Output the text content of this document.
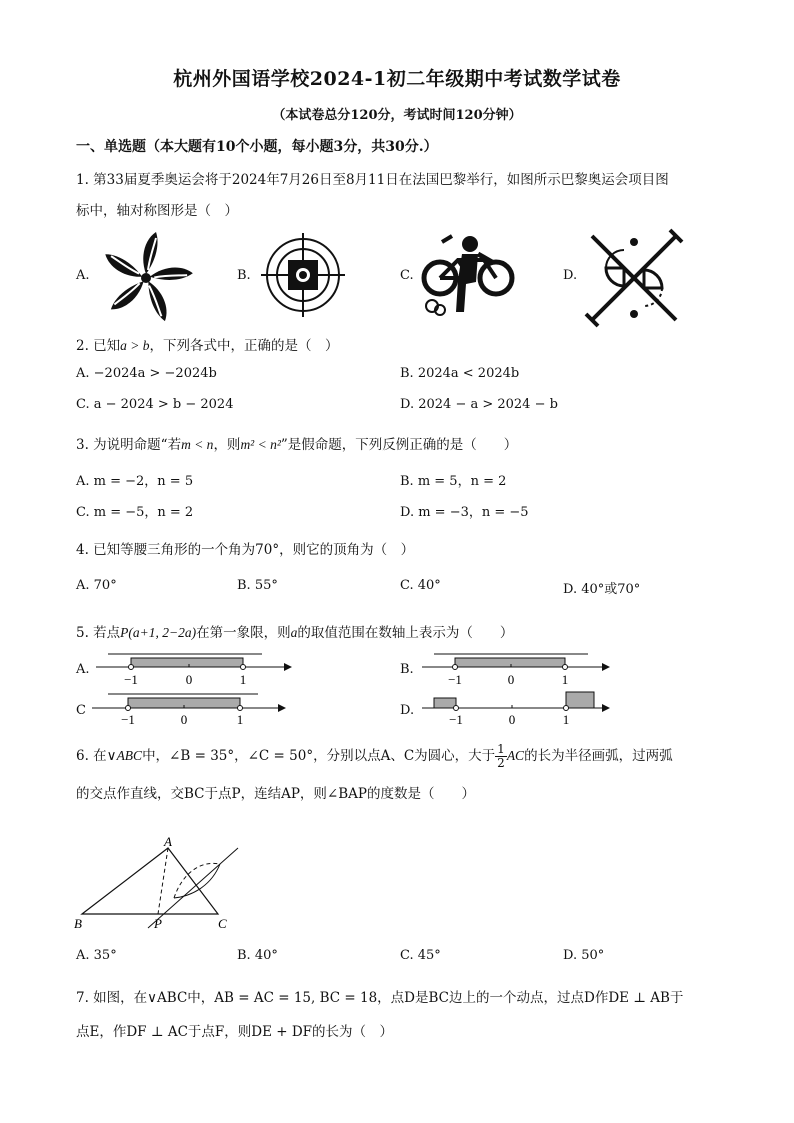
杭州外国语学校2024-1初二年级期中考试数学试卷
（本试卷总分120分，考试时间120分钟）
一、单选题（本大题有10个小题，每小题3分，共30分.）
1. 第33届夏季奥运会将于2024年7月26日至8月11日在法国巴黎举行，如图所示巴黎奥运会项目图
标中，轴对称图形是（　）
A.	B.	C.	D.
2. 已知a > b，下列各式中，正确的是（　）
A. −2024a > −2024b	B. 2024a < 2024b
C. a − 2024 > b − 2024	D. 2024 − a > 2024 − b
3. 为说明命题“若m < n，则m² < n²”是假命题，下列反例正确的是（　　）
A. m = −2，n = 5	B. m = 5，n = 2
C. m = −5，n = 2	D. m = −3，n = −5
4. 已知等腰三角形的一个角为70°，则它的顶角为（　）
A. 70°	B. 55°	C. 40°	D. 40°或70°
5. 若点P(a+1, 2−2a)在第一象限，则a的取值范围在数轴上表示为（　　）
A.
−1	0	1
B.
−1	0	1
C
−1	0	1
D.
−1	0	1
6. 在∨ABC中，∠B = 35°，∠C = 50°，分别以点A、C为圆心，大于 $\frac{1}{2}$ AC的长为半径画弧，过两弧
的交点作直线，交BC于点P，连结AP，则∠BAP的度数是（　　）
A
B	P	C
A. 35°	B. 40°	C. 45°	D. 50°
7. 如图，在∨ABC中，AB = AC = 15, BC = 18，点D是BC边上的一个动点，过点D作DE ⊥ AB于
点E，作DF ⊥ AC于点F，则DE + DF的长为（　）
